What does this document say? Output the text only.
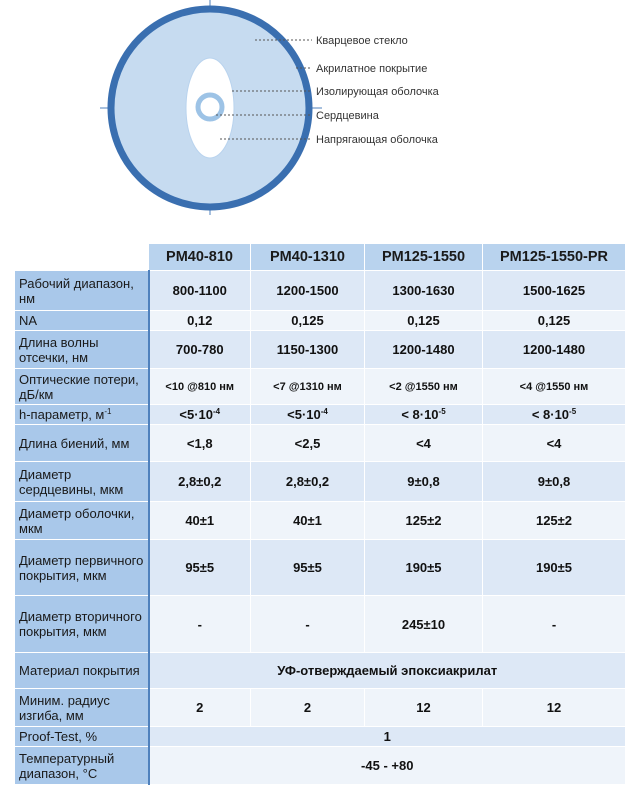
Кварцевое стекло
Акрилатное покрытие
Изолирующая оболочка
Сердцевина
Напрягающая оболочка
	PM40-810	PM40-1310	PM125-1550	PM125-1550-PR
Рабочий диапазон, нм	800-1100	1200-1500	1300-1630	1500-1625
NA	0,12	0,125	0,125	0,125
Длина волны отсечки, нм	700-780	1150-1300	1200-1480	1200-1480
Оптические потери, дБ/км	<10 @810 нм	<7 @1310 нм	<2 @1550 нм	<4 @1550 нм
h-параметр, $м^{-1}$	$<5\cdot 10^{-4}$	$<5\cdot 10^{-4}$	< $8\cdot 10^{-5}$	< $8\cdot 10^{-5}$
Длина биений, мм	<1,8	<2,5	<4	<4
Диаметр сердцевины, мкм	2,8±0,2	2,8±0,2	9±0,8	9±0,8
Диаметр оболочки, мкм	40±1	40±1	125±2	125±2
Диаметр первичного покрытия, мкм	95±5	95±5	190±5	190±5
Диаметр вторичного покрытия, мкм	-	-	245±10	-
Материал покрытия	УФ-отверждаемый эпоксиакрилат			
Миним. радиус изгиба, мм	2	2	12	12
Proof-Test, %	1			
Температурный диапазон, °С	-45 - +80			
